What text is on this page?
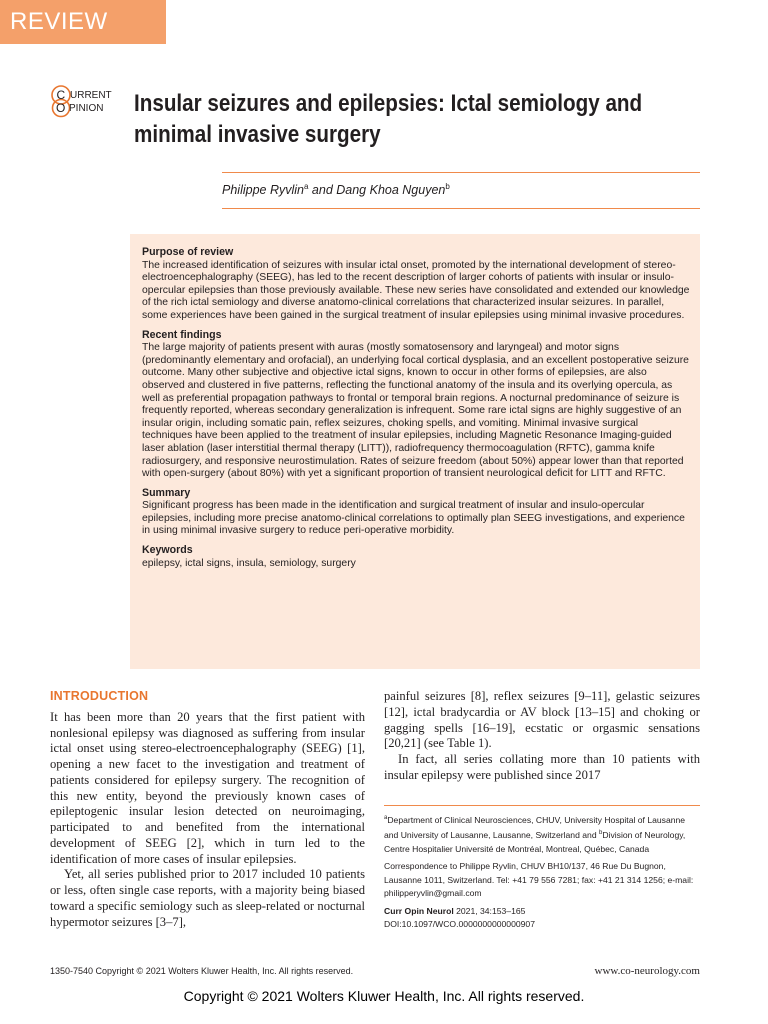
REVIEW
C
O
URRENT
PINION Insular seizures and epilepsies: Ictal semiology and
minimal invasive surgery
Philippe Ryvlin$^a$ and Dang Khoa Nguyen$^b$
Purpose of review
The increased identification of seizures with insular ictal onset, promoted by the international development of stereo-electroencephalography (SEEG), has led to the recent description of larger cohorts of patients with insular or insulo-opercular epilepsies than those previously available. These new series have consolidated and extended our knowledge of the rich ictal semiology and diverse anatomo-clinical correlations that characterized insular seizures. In parallel, some experiences have been gained in the surgical treatment of insular epilepsies using minimal invasive procedures.
Recent findings
The large majority of patients present with auras (mostly somatosensory and laryngeal) and motor signs (predominantly elementary and orofacial), an underlying focal cortical dysplasia, and an excellent postoperative seizure outcome. Many other subjective and objective ictal signs, known to occur in other forms of epilepsies, are also observed and clustered in five patterns, reflecting the functional anatomy of the insula and its overlying opercula, as well as preferential propagation pathways to frontal or temporal brain regions. A nocturnal predominance of seizure is frequently reported, whereas secondary generalization is infrequent. Some rare ictal signs are highly suggestive of an insular origin, including somatic pain, reflex seizures, choking spells, and vomiting. Minimal invasive surgical techniques have been applied to the treatment of insular epilepsies, including Magnetic Resonance Imaging-guided laser ablation (laser interstitial thermal therapy (LITT)), radiofrequency thermocoagulation (RFTC), gamma knife radiosurgery, and responsive neurostimulation. Rates of seizure freedom (about 50%) appear lower than that reported with open-surgery (about 80%) with yet a significant proportion of transient neurological deficit for LITT and RFTC.
Summary
Significant progress has been made in the identification and surgical treatment of insular and insulo-opercular epilepsies, including more precise anatomo-clinical correlations to optimally plan SEEG investigations, and experience in using minimal invasive surgery to reduce peri-operative morbidity.
Keywords
epilepsy, ictal signs, insula, semiology, surgery
INTRODUCTION

It has been more than 20 years that the first patient with nonlesional epilepsy was diagnosed as suffering from insular ictal onset using stereo-electroencephalography (SEEG) [1], opening a new facet to the investigation and treatment of patients considered for epilepsy surgery. The recognition of this new entity, beyond the previously known cases of epileptogenic insular lesion detected on neuroimaging, participated to and benefited from the international development of SEEG [2], which in turn led to the identification of more cases of insular epilepsies.

Yet, all series published prior to 2017 included 10 patients or less, often single case reports, with a majority being biased toward a specific semiology such as sleep-related or nocturnal hypermotor seizures [3–7],

painful seizures [8], reflex seizures [9–11], gelastic seizures [12], ictal bradycardia or AV block [13–15] and choking or gagging spells [16–19], ecstatic or orgasmic sensations [20,21] (see Table 1).

In fact, all series collating more than 10 patients with insular epilepsy were published since 2017

$^a$Department of Clinical Neurosciences, CHUV, University Hospital of Lausanne and University of Lausanne, Lausanne, Switzerland and $^b$Division of Neurology, Centre Hospitalier Université de Montréal, Montreal, Québec, Canada

Correspondence to Philippe Ryvlin, CHUV BH10/137, 46 Rue Du Bugnon, Lausanne 1011, Switzerland. Tel: +41 79 556 7281; fax: +41 21 314 1256; e-mail: philipperyvlin@gmail.com

Curr Opin Neurol 2021, 34:153–165

DOI:10.1097/WCO.0000000000000907

1350-7540 Copyright © 2021 Wolters Kluwer Health, Inc. All rights reserved.	www.co-neurology.com
Copyright © 2021 Wolters Kluwer Health, Inc. All rights reserved.
